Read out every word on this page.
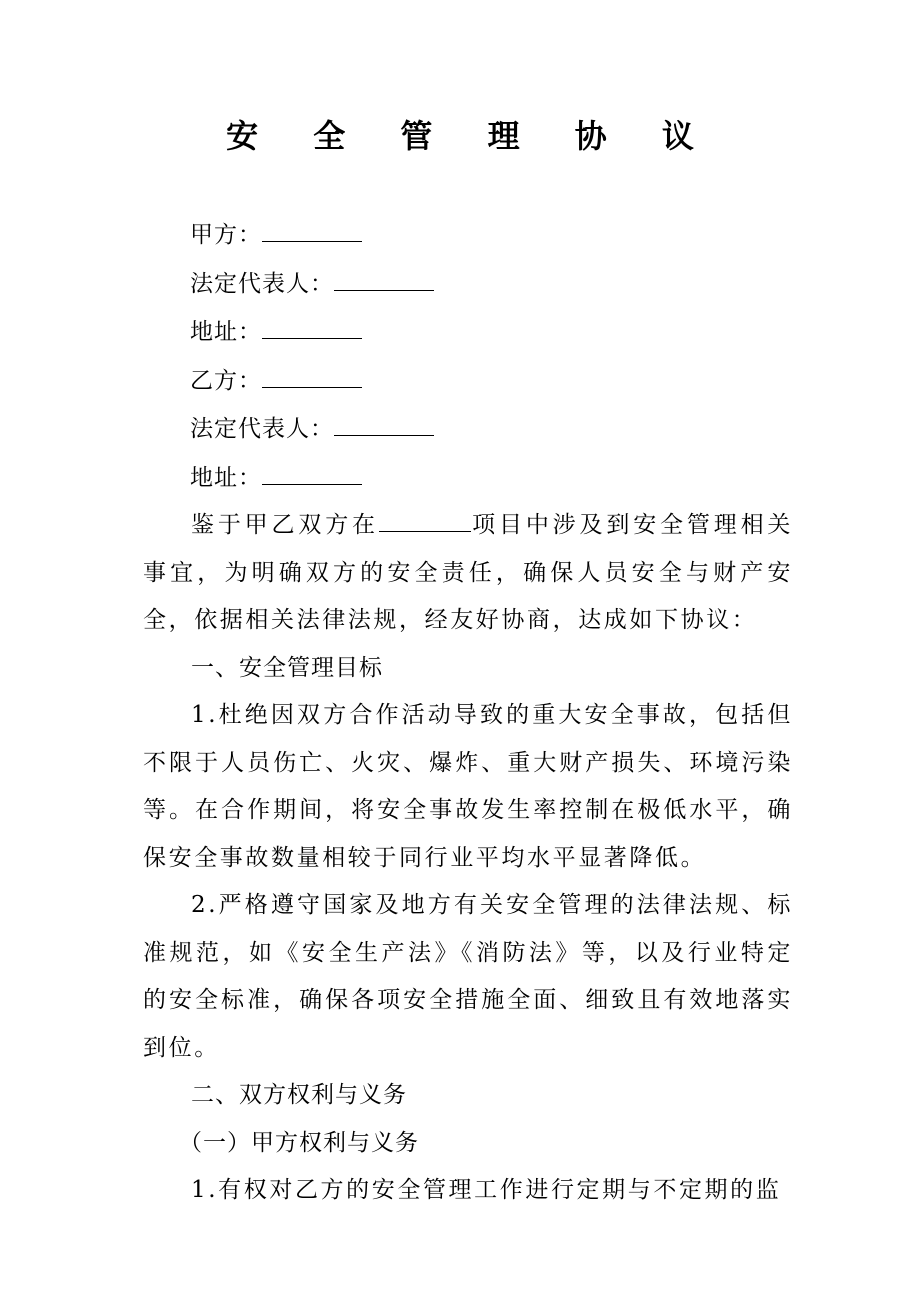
安 全 管 理 协 议

甲方：

法定代表人：

地址：

乙方：

法定代表人：

地址：

鉴于甲乙双方在	项目中涉及到安全管理相关事宜，为明确双方的安全责任，确保人员安全与财产安全，依据相关法律法规，经友好协商，达成如下协议：

一、安全管理目标

1.杜绝因双方合作活动导致的重大安全事故，包括但不限于人员伤亡、火灾、爆炸、重大财产损失、环境污染等。在合作期间，将安全事故发生率控制在极低水平，确保安全事故数量相较于同行业平均水平显著降低。

2.严格遵守国家及地方有关安全管理的法律法规、标准规范，如《安全生产法》《消防法》等，以及行业特定的安全标准，确保各项安全措施全面、细致且有效地落实到位。

二、双方权利与义务

（一）甲方权利与义务

1.有权对乙方的安全管理工作进行定期与不定期的监
